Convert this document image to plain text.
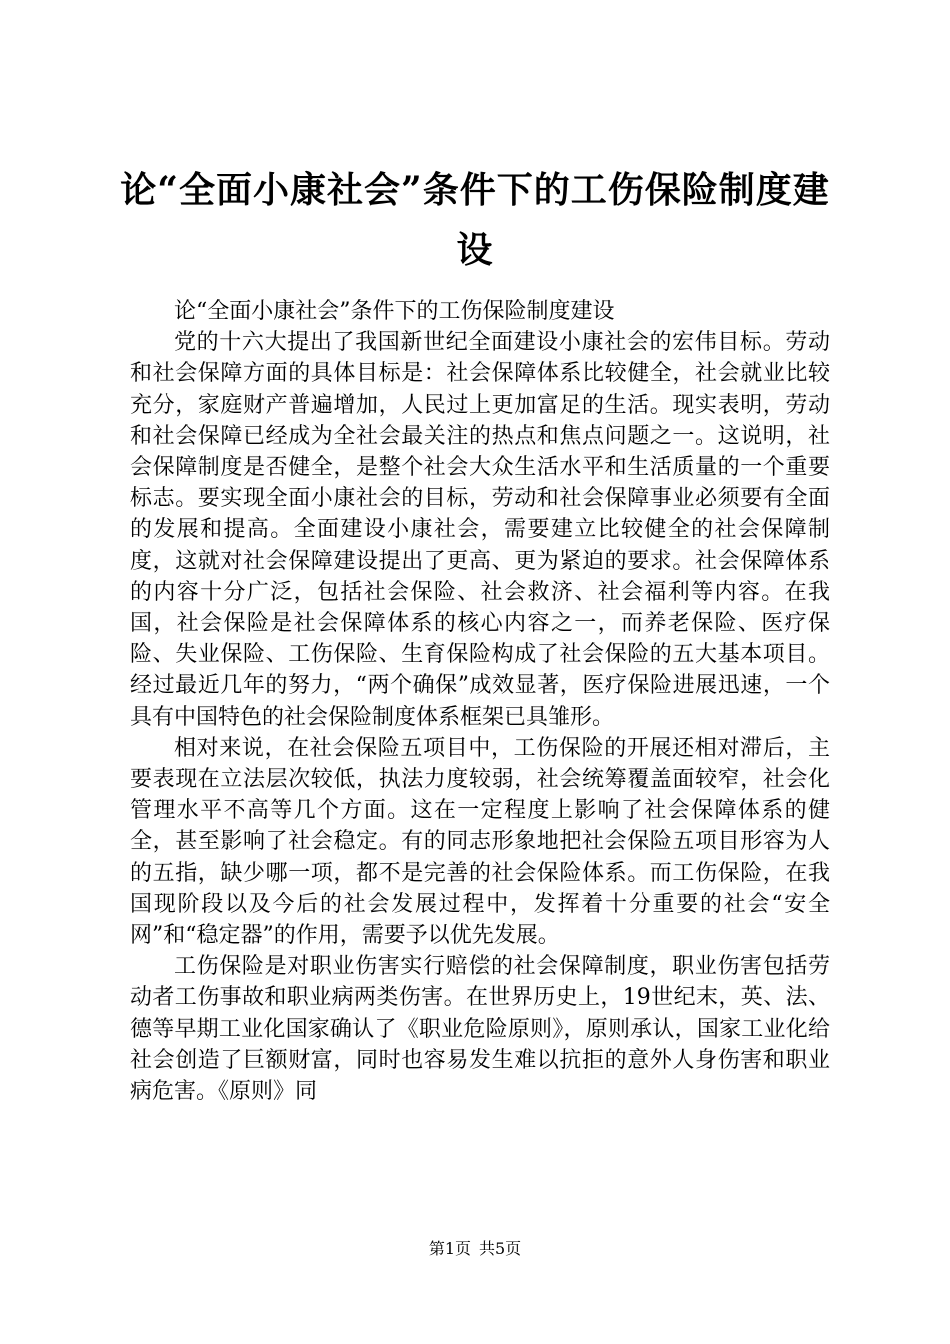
论“全面小康社会”条件下的工伤保险制度建设

论“全面小康社会”条件下的工伤保险制度建设

党的十六大提出了我国新世纪全面建设小康社会的宏伟目标。劳动和社会保障方面的具体目标是：社会保障体系比较健全，社会就业比较充分，家庭财产普遍增加，人民过上更加富足的生活。现实表明，劳动和社会保障已经成为全社会最关注的热点和焦点问题之一。这说明，社会保障制度是否健全，是整个社会大众生活水平和生活质量的一个重要标志。要实现全面小康社会的目标，劳动和社会保障事业必须要有全面的发展和提高。全面建设小康社会，需要建立比较健全的社会保障制度，这就对社会保障建设提出了更高、更为紧迫的要求。社会保障体系的内容十分广泛，包括社会保险、社会救济、社会福利等内容。在我国，社会保险是社会保障体系的核心内容之一，而养老保险、医疗保险、失业保险、工伤保险、生育保险构成了社会保险的五大基本项目。经过最近几年的努力，“两个确保”成效显著，医疗保险进展迅速，一个具有中国特色的社会保险制度体系框架已具雏形。

相对来说，在社会保险五项目中，工伤保险的开展还相对滞后，主要表现在立法层次较低，执法力度较弱，社会统筹覆盖面较窄，社会化管理水平不高等几个方面。这在一定程度上影响了社会保障体系的健全，甚至影响了社会稳定。有的同志形象地把社会保险五项目形容为人的五指，缺少哪一项，都不是完善的社会保险体系。而工伤保险，在我国现阶段以及今后的社会发展过程中，发挥着十分重要的社会“安全网”和“稳定器”的作用，需要予以优先发展。

工伤保险是对职业伤害实行赔偿的社会保障制度，职业伤害包括劳动者工伤事故和职业病两类伤害。在世界历史上，19世纪末，英、法、德等早期工业化国家确认了《职业危险原则》，原则承认，国家工业化给社会创造了巨额财富，同时也容易发生难以抗拒的意外人身伤害和职业病危害。《原则》同

第1页 共5页
